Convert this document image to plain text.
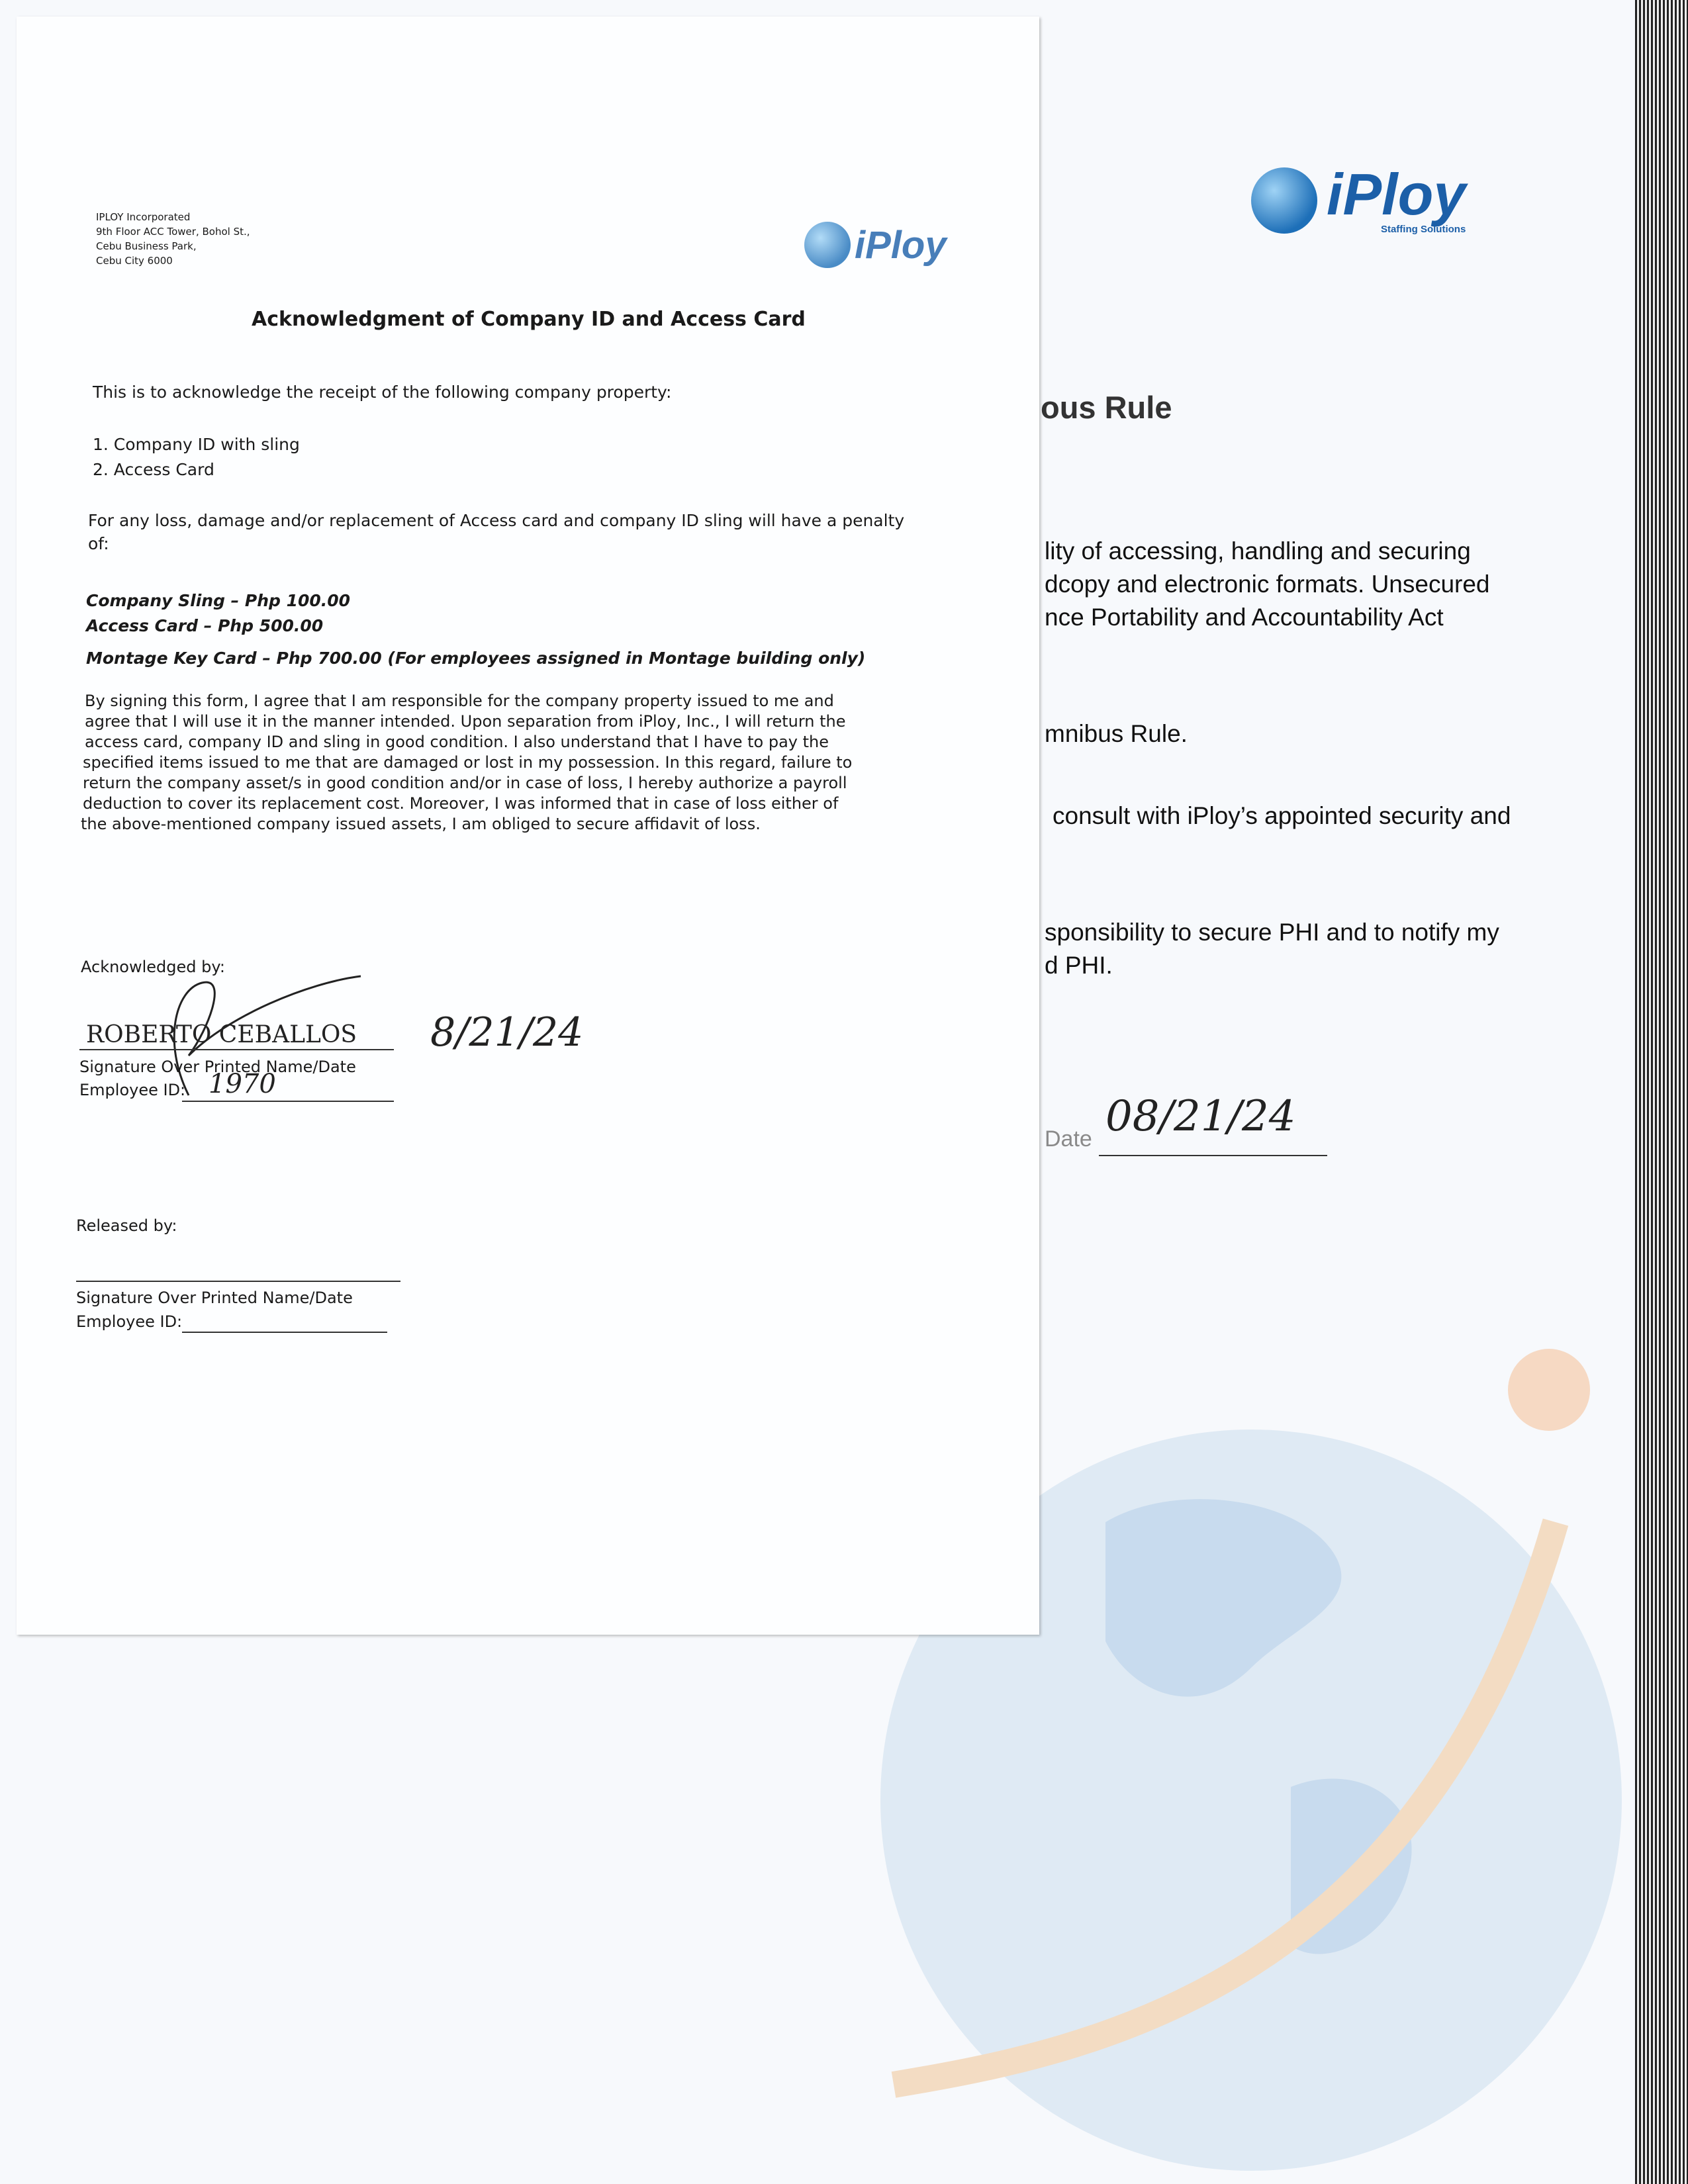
iPloy
Staffing Solutions
ous Rule
lity of accessing, handling and securing
dcopy and electronic formats. Unsecured
nce Portability and Accountability Act
mnibus Rule.
consult with iPloy’s appointed security and
sponsibility to secure PHI and to notify my
d PHI.
Date 08/21/24
IPLOY Incorporated
9th Floor ACC Tower, Bohol St.,
Cebu Business Park,
Cebu City 6000	iPloy
Acknowledgment of Company ID and Access Card
This is to acknowledge the receipt of the following company property:
1. Company ID with sling
2. Access Card
For any loss, damage and/or replacement of Access card and company ID sling will have a penalty
of:
Company Sling – Php 100.00
Access Card – Php 500.00
Montage Key Card – Php 700.00 (For employees assigned in Montage building only)
By signing this form, I agree that I am responsible for the company property issued to me and
agree that I will use it in the manner intended. Upon separation from iPloy, Inc., I will return the
access card, company ID and sling in good condition. I also understand that I have to pay the
specified items issued to me that are damaged or lost in my possession. In this regard, failure to
return the company asset/s in good condition and/or in case of loss, I hereby authorize a payroll
deduction to cover its replacement cost. Moreover, I was informed that in case of loss either of
the above-mentioned company issued assets, I am obliged to secure affidavit of loss.
Acknowledged by:
ROBERTO CEBALLOS 8/21/24
Signature Over Printed Name/Date
Employee ID: 1970
Released by:
Signature Over Printed Name/Date
Employee ID:
